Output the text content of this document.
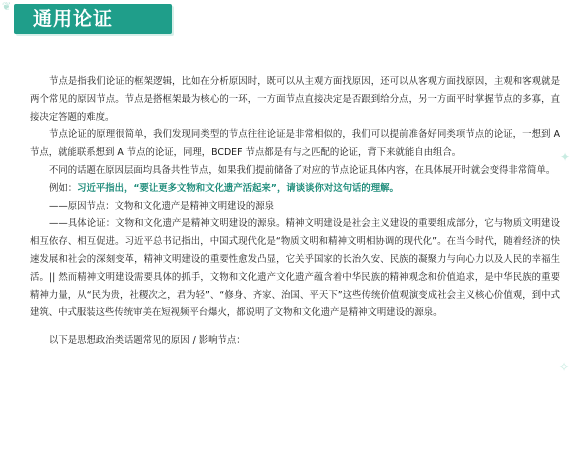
❦
通用论证
✦
✧

节点是指我们论证的框架逻辑，比如在分析原因时，既可以从主观方面找原因，还可以从客观方面找原因，主观和客观就是两个常见的原因节点。节点是搭框架最为核心的一环，一方面节点直接决定是否跟到给分点，另一方面平时掌握节点的多寡，直接决定答题的难度。

节点论证的原理很简单，我们发现同类型的节点往往论证是非常相似的，我们可以提前准备好同类项节点的论证，一想到 A 节点，就能联系想到 A 节点的论证，同理，BCDEF 节点都是有与之匹配的论证，背下来就能自由组合。

不同的话题在原因层面均具备共性节点，如果我们提前储备了对应的节点论证具体内容，在具体展开时就会变得非常简单。

例如：习近平指出，“要让更多文物和文化遗产活起来”，请谈谈你对这句话的理解。

——原因节点：文物和文化遗产是精神文明建设的源泉

——具体论证：文物和文化遗产是精神文明建设的源泉。精神文明建设是社会主义建设的重要组成部分，它与物质文明建设相互依存、相互促进。习近平总书记指出，中国式现代化是“物质文明和精神文明相协调的现代化”。在当今时代，随着经济的快速发展和社会的深刻变革，精神文明建设的重要性愈发凸显，它关乎国家的长治久安、民族的凝聚力与向心力以及人民的幸福生活。|| 然而精神文明建设需要具体的抓手，文物和文化遗产文化遗产蕴含着中华民族的精神观念和价值追求，是中华民族的重要精神力量，从“民为贵，社稷次之，君为轻”、“修身、齐家、治国、平天下”这些传统价值观演变成社会主义核心价值观，到中式建筑、中式服装这些传统审美在短视频平台爆火，都说明了文物和文化遗产是精神文明建设的源泉。

以下是思想政治类话题常见的原因 / 影响节点：
